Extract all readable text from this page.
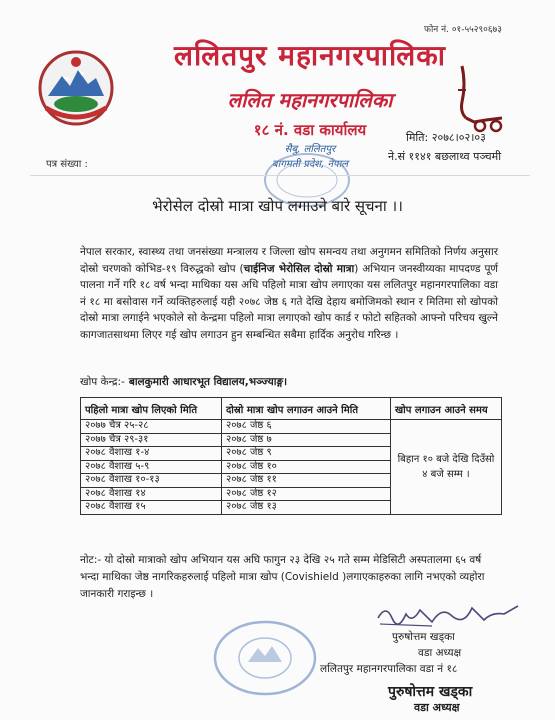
फोन नं. ०१-५५२९०६७३
ललितपुर महानगरपालिका
ललित महानगरपालिका
१८ नं. वडा कार्यालय
सैबु, ललितपुर
बागमती प्रदेश, नेपाल
मिति: २०७८।०२।०३
ने.सं ११४१ बछलाथ्व पञ्चमी
पत्र संख्या :
भेरोसेल दोस्रो मात्रा खोप लगाउने बारे सूचना ।।
नेपाल सरकार, स्वास्थ्य तथा जनसंख्या मन्त्रालय र जिल्ला खोप समन्वय तथा अनुगमन समितिको निर्णय अनुसार दोस्रो चरणको कोभिड-१९ विरुद्धको खोप (चाईनिज भेरोसिल दोस्रो मात्रा) अभियान जनस्वीय्यका मापदण्ड पूर्ण पालना गर्ने गरि १८ वर्ष भन्दा माथिका यस अधि पहिलो मात्रा खोप लगाएका यस ललितपुर महानगरपालिका वडा नं १८ मा बसोवास गर्ने व्यक्तिहरुलाई यही २०७८ जेष्ठ ६ गते देखि देहाय बमोजिमको स्थान र मितिमा सो खोपको दोस्रो मात्रा लगाईने भएकोले सो केन्द्रमा पहिलो मात्रा लगाएको खोप कार्ड र फोटो सहितको आफ्नो परिचय खुल्ने कागजातसाथमा लिएर गई खोप लगाउन हुन सम्बन्धित सबैमा हार्दिक अनुरोध गरिन्छ ।
खोप केन्द्र:- बालकुमारी आधारभूत विद्यालय,भञ्ज्याङ्ग।
पहिलो मात्रा खोप लिएको मिति	दोस्रो मात्रा खोप लगाउन आउने मिति	खोप लगाउन आउने समय
२०७७ चैत्र २५-२८	२०७८ जेष्ठ ६	बिहान १० बजे देखि दिउँसो ४ बजे सम्म ।
२०७७ चैत्र २९-३१	२०७८ जेष्ठ ७	
२०७८ वैशाख १-४	२०७८ जेष्ठ ९	
२०७८ वैशाख ५-९	२०७८ जेष्ठ १०	
२०७८ वैशाख १०-१३	२०७८ जेष्ठ ११	
२०७८ वैशाख १४	२०७८ जेष्ठ १२	
२०७८ वैशाख १५	२०७८ जेष्ठ १३	
नोट:- यो दोस्रो मात्राको खोप अभियान यस अघि फागुन २३ देखि २५ गते सम्म मेडिसिटी अस्पतालमा ६५ वर्ष भन्दा माथिका जेष्ठ नागरिकहरुलाई पहिलो मात्रा खोप (Covishield )लगाएकाहरुका लागि नभएको व्यहोरा जानकारी गराइन्छ ।
पुरुषोत्तम खड्का
वडा अध्यक्ष
ललितपुर महानगरपालिका वडा नं १८
पुरुषोत्तम खड्का
वडा अध्यक्ष
